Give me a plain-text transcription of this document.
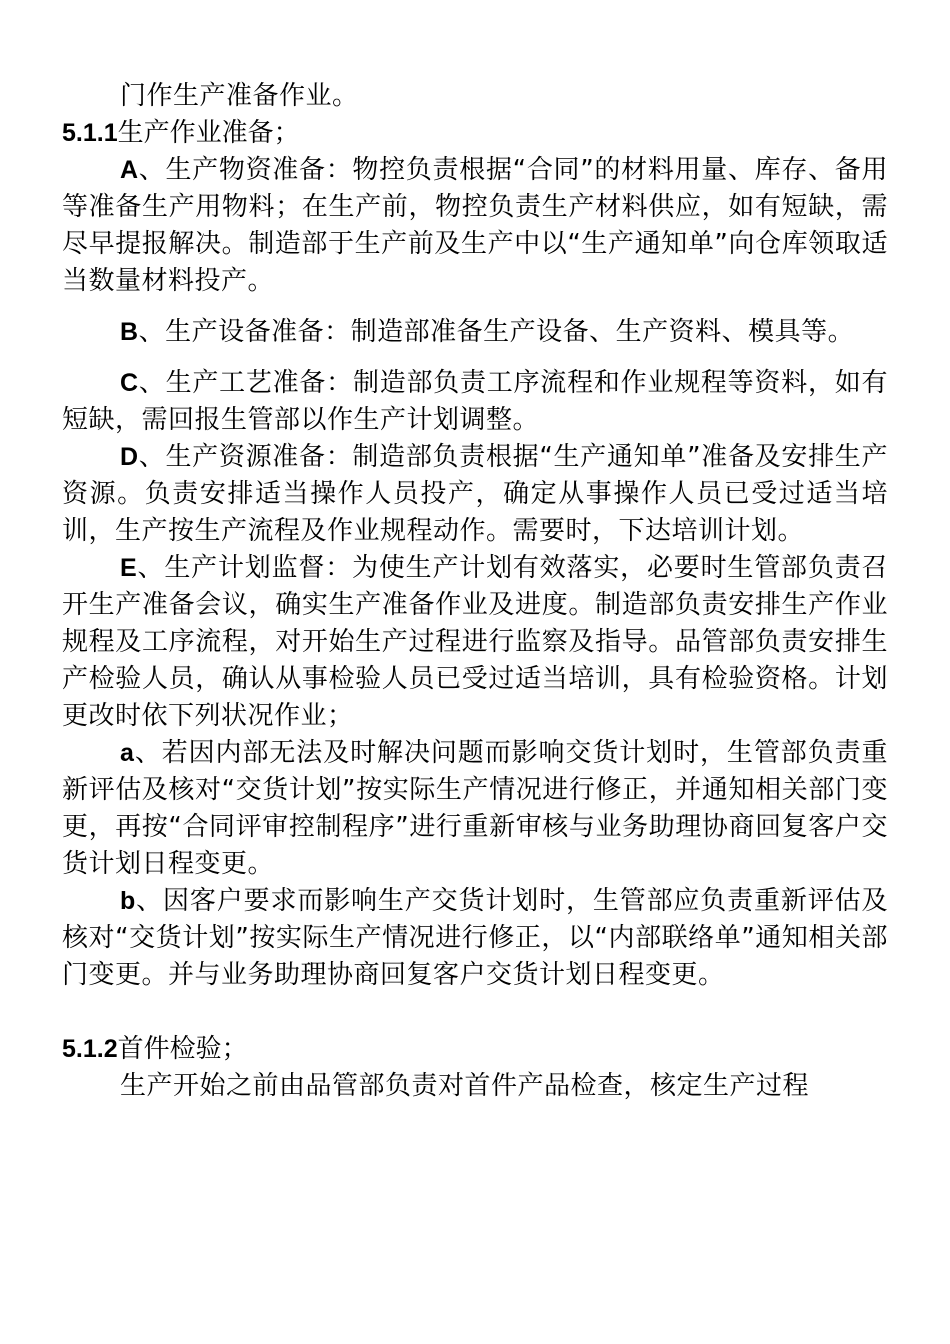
门作生产准备作业。

5.1.1生产作业准备；

A、生产物资准备：物控负责根据“合同”的材料用量、库存、备用等准备生产用物料；在生产前，物控负责生产材料供应，如有短缺，需尽早提报解决。制造部于生产前及生产中以“生产通知单”向仓库领取适当数量材料投产。

B、生产设备准备：制造部准备生产设备、生产资料、模具等。

C、生产工艺准备：制造部负责工序流程和作业规程等资料，如有短缺，需回报生管部以作生产计划调整。

D、生产资源准备：制造部负责根据“生产通知单”准备及安排生产资源。负责安排适当操作人员投产，确定从事操作人员已受过适当培训，生产按生产流程及作业规程动作。需要时，下达培训计划。

E、生产计划监督：为使生产计划有效落实，必要时生管部负责召开生产准备会议，确实生产准备作业及进度。制造部负责安排生产作业规程及工序流程，对开始生产过程进行监察及指导。品管部负责安排生产检验人员，确认从事检验人员已受过适当培训，具有检验资格。计划更改时依下列状况作业；

a、若因内部无法及时解决问题而影响交货计划时，生管部负责重新评估及核对“交货计划”按实际生产情况进行修正，并通知相关部门变更，再按“合同评审控制程序”进行重新审核与业务助理协商回复客户交货计划日程变更。

b、因客户要求而影响生产交货计划时，生管部应负责重新评估及核对“交货计划”按实际生产情况进行修正，以“内部联络单”通知相关部门变更。并与业务助理协商回复客户交货计划日程变更。

5.1.2首件检验；

生产开始之前由品管部负责对首件产品检查，核定生产过程
